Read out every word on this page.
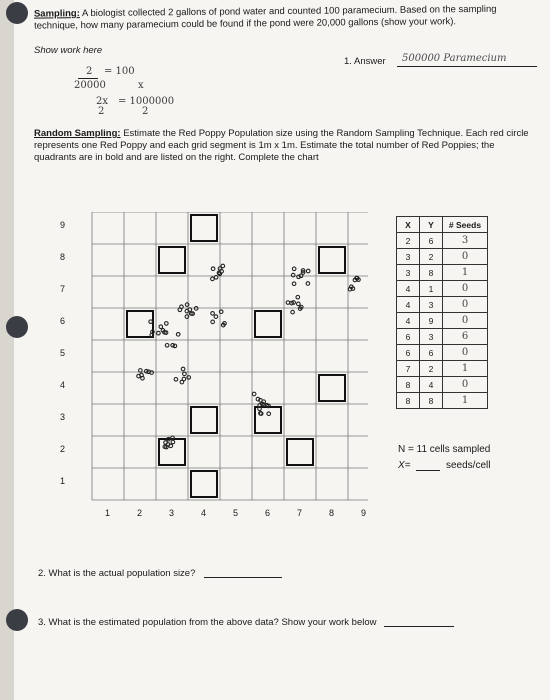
Sampling: A biologist collected 2 gallons of pond water and counted 100 paramecium. Based on the sampling technique, how many paramecium could be found if the pond were 20,000 gallons (show your work).
Show work here
1. Answer 500000 Paramecium
2 = 100
20000	x
2x = 1000000
2	2
Random Sampling: Estimate the Red Poppy Population size using the Random Sampling Technique. Each red circle represents one Red Poppy and each grid segment is 1m x 1m. Estimate the total number of Red Poppies; the quadrants are in bold and are listed on the right. Complete the chart
9
8
7
6
5
4
3
2
1
1	2	3	4	5	6	7	8	9
X	Y	# Seeds
2	6	3
3	2	0
3	8	1
4	1	0
4	3	0
4	9	0
6	3	6
6	6	0
7	2	1
8	4	0
8	8	1
N = 11 cells sampled
X=	seeds/cell
2. What is the actual population size?
3. What is the estimated population from the above data? Show your work below
